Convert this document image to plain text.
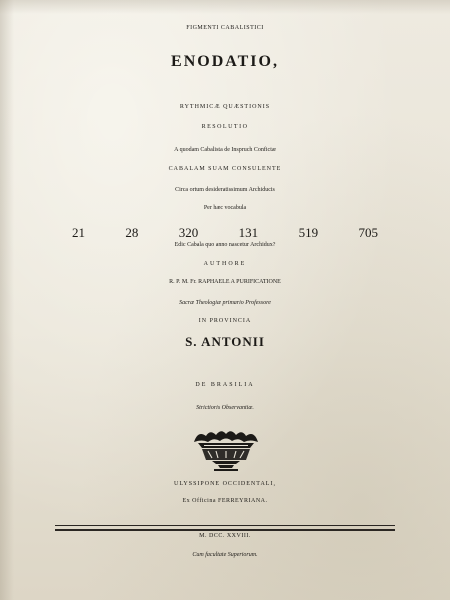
FIGMENTI CABALISTICI
ENODATIO,
RYTHMICÆ QUÆSTIONIS
RESOLUTIO
A quodam Cabalista de Inspruch Confictæ
CABALAM SUAM CONSULENTE
Circa ortum desideratissimum Archiducis
Per hæc vocabula
21	28	320	131	519	705
Edic Cabala quo anno nascetur Archidux?
AUTHORE
R. P. M. Fr. RAPHAELE A PURIFICATIONE
Sacræ Theologiæ primario Professore
IN PROVINCIA
S. ANTONII
DE BRASILIA
Strictioris Observantiæ.
ULYSSIPONE OCCIDENTALI,
Ex Officina FERREYRIANA.
M. DCC. XXVIII.
Cum facultate Superiorum.
